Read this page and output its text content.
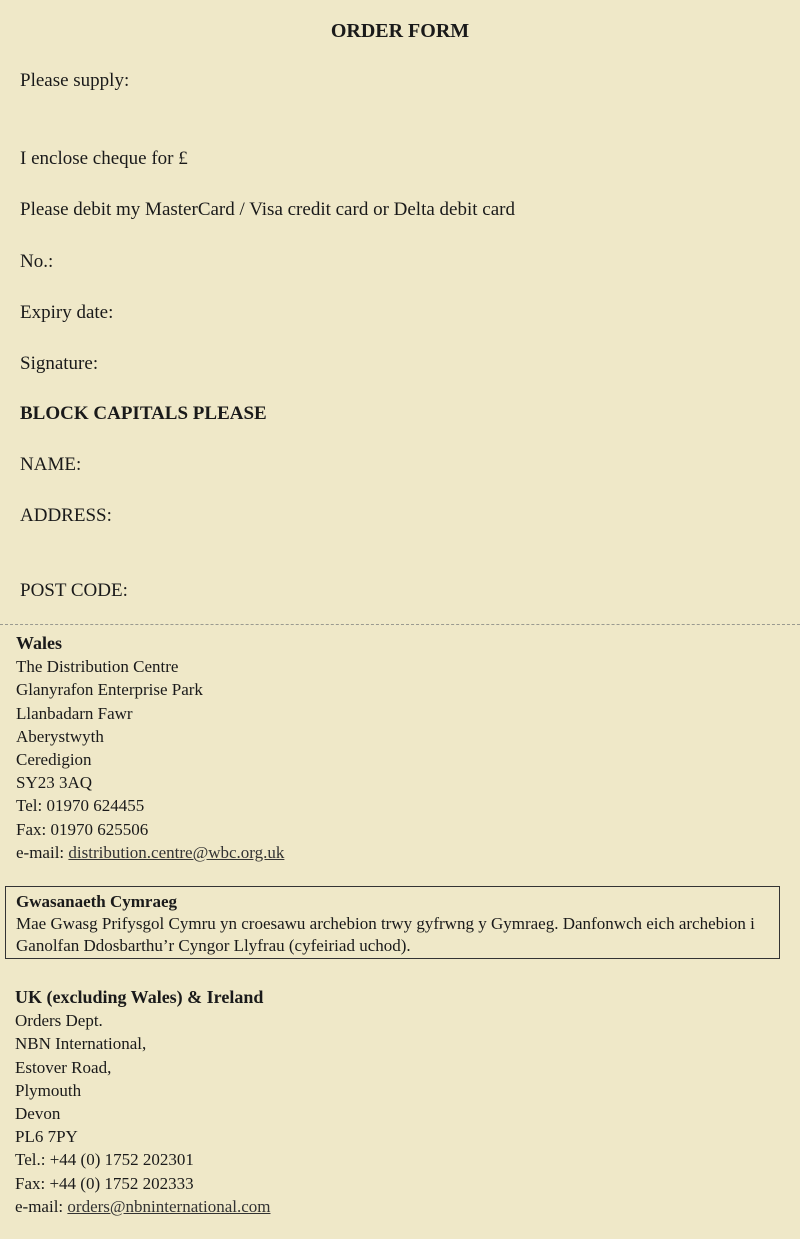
ORDER FORM
Please supply:
I enclose cheque for £
Please debit my MasterCard / Visa credit card or Delta debit card
No.:
Expiry date:
Signature:
BLOCK CAPITALS PLEASE
NAME:
ADDRESS:
POST CODE:
Wales
The Distribution Centre
Glanyrafon Enterprise Park
Llanbadarn Fawr
Aberystwyth
Ceredigion
SY23 3AQ
Tel: 01970 624455
Fax: 01970 625506
e-mail: distribution.centre@wbc.org.uk
Gwasanaeth Cymraeg
Mae Gwasg Prifysgol Cymru yn croesawu archebion trwy gyfrwng y Gymraeg. Danfonwch eich archebion i Ganolfan Ddosbarthu’r Cyngor Llyfrau (cyfeiriad uchod).
UK (excluding Wales) & Ireland
Orders Dept.
NBN International,
Estover Road,
Plymouth
Devon
PL6 7PY
Tel.: +44 (0) 1752 202301
Fax: +44 (0) 1752 202333
e-mail: orders@nbninternational.com
